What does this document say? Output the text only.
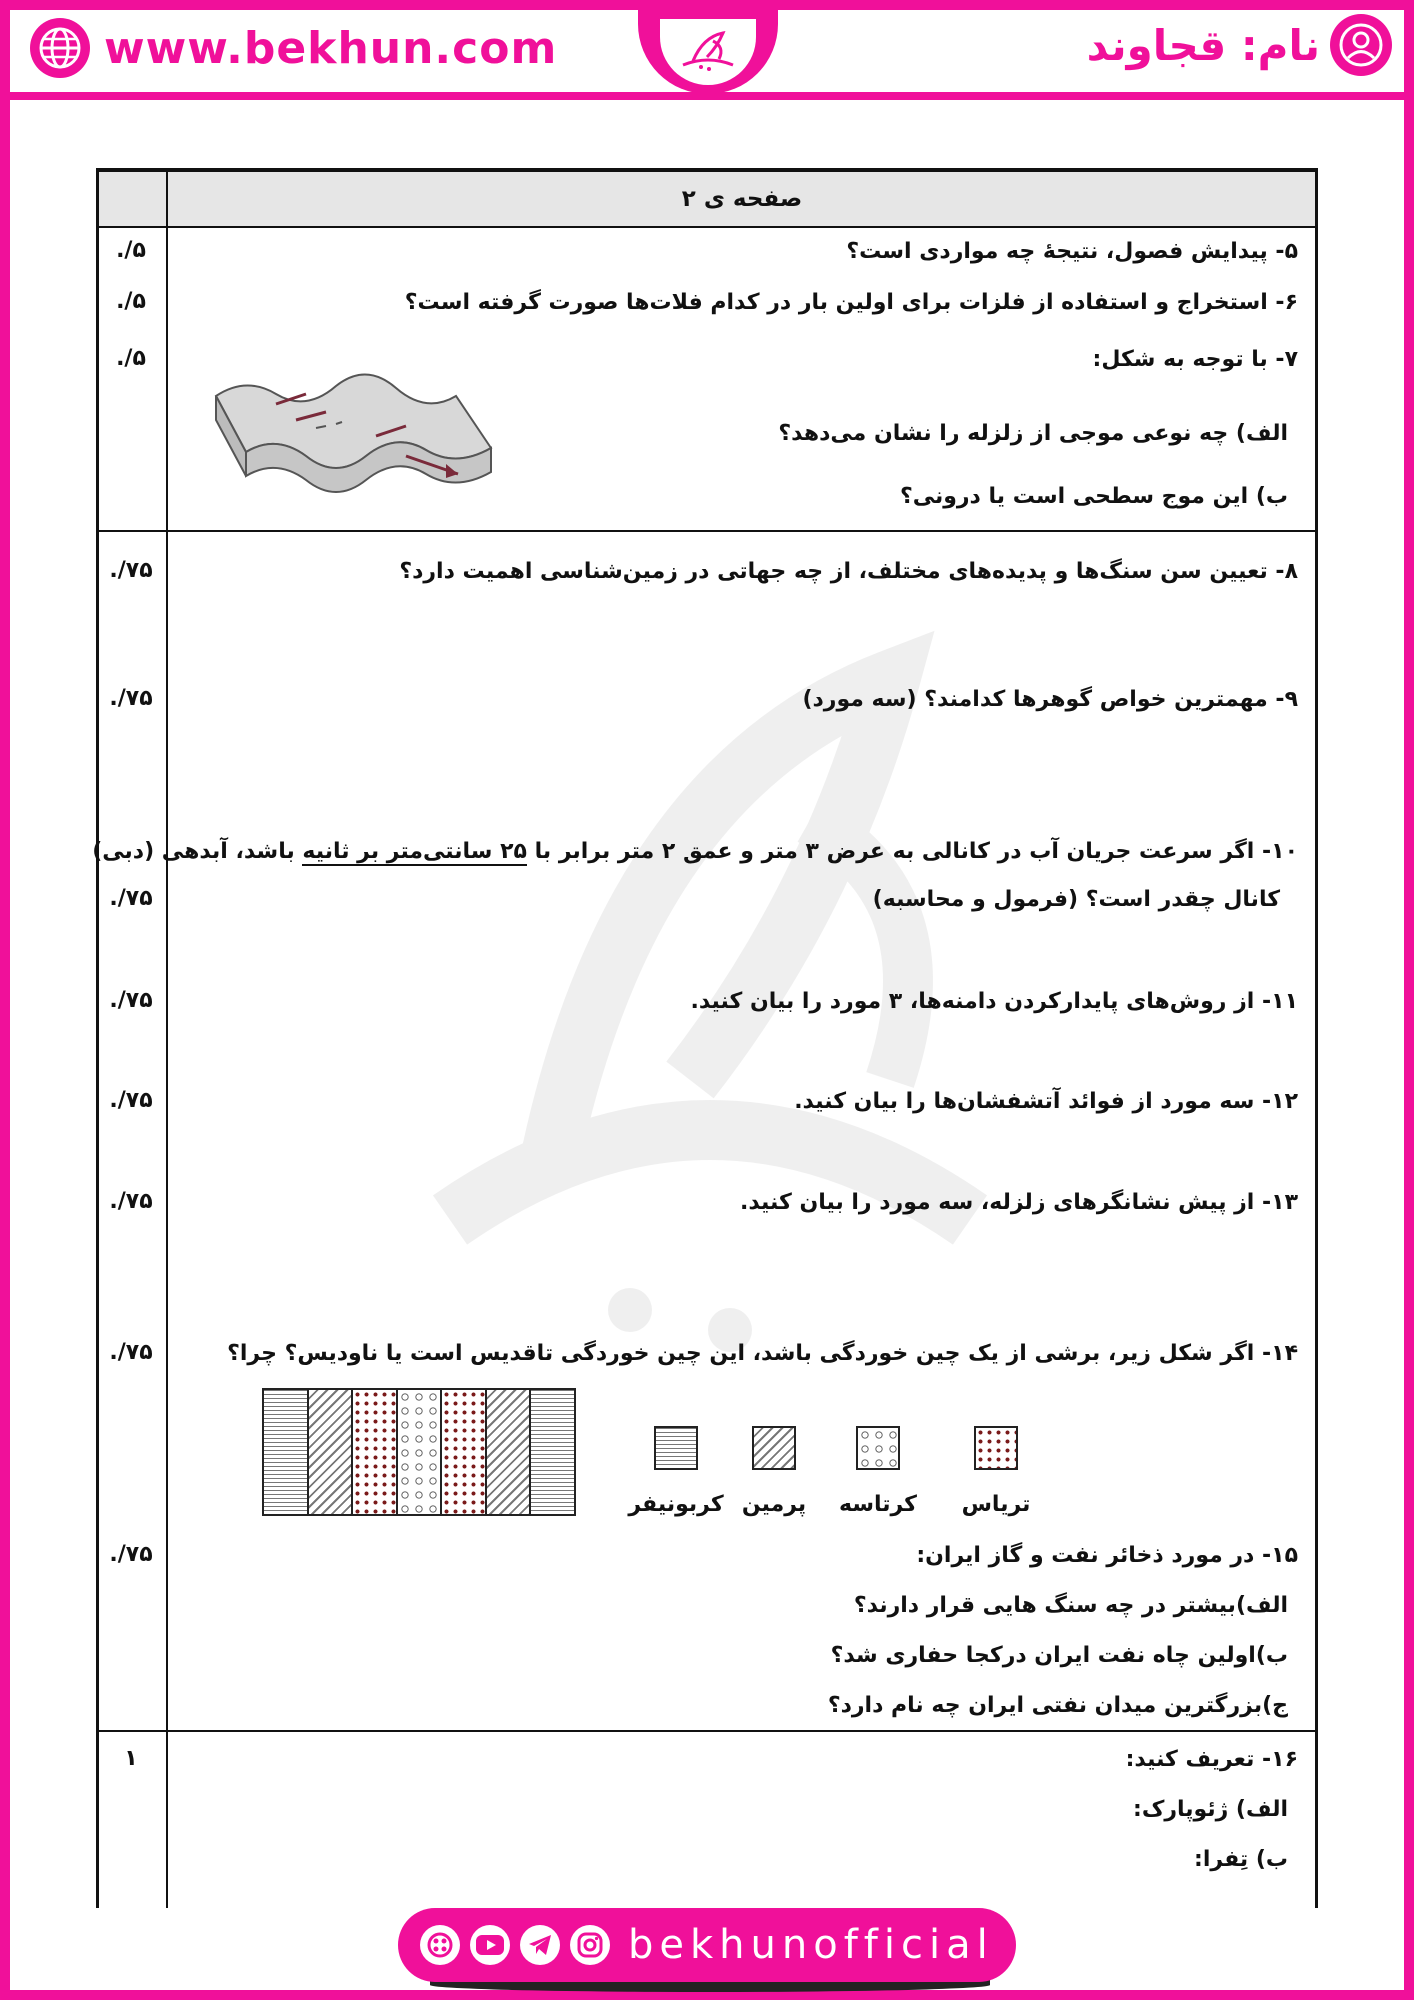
www.bekhun.com	نام: قجاوند
صفحه ی ۲
۵- پیدایش فصول، نتیجهٔ چه مواردی است؟
./۵
۶- استخراج و استفاده از فلزات برای اولین بار در کدام فلات‌ها صورت گرفته است؟
./۵
۷- با توجه به شکل:
./۵
الف) چه نوعی موجی از زلزله را نشان می‌دهد؟
ب) این موج سطحی است یا درونی؟
۸- تعیین سن سنگ‌ها و پدیده‌های مختلف، از چه جهاتی در زمین‌شناسی اهمیت دارد؟
./۷۵
۹- مهمترین خواص گوهرها کدامند؟ (سه مورد)
./۷۵
۱۰- اگر سرعت جریان آب در کانالی به عرض ۳ متر و عمق ۲ متر برابر با ۲۵ سانتی‌متر بر ثانیه باشد، آبدهی (دبی)
کانال چقدر است؟ (فرمول و محاسبه)
./۷۵
۱۱- از روش‌های پایدارکردن دامنه‌ها، ۳ مورد را بیان کنید.
./۷۵
۱۲- سه مورد از فوائد آتشفشان‌ها را بیان کنید.
./۷۵
۱۳- از پیش نشانگرهای زلزله، سه مورد را بیان کنید.
./۷۵
۱۴- اگر شکل زیر، برشی از یک چین خوردگی باشد، این چین خوردگی تاقدیس است یا ناودیس؟ چرا؟
./۷۵
تریاس
کرتاسه
پرمین
کربونیفر
۱۵- در مورد ذخائر نفت و گاز ایران:
./۷۵
الف)بیشتر در چه سنگ هایی قرار دارند؟
ب)اولین چاه نفت ایران درکجا حفاری شد؟
ج)بزرگترین میدان نفتی ایران چه نام دارد؟
۱۶- تعریف کنید:
۱
الف) ژئوپارک:
ب) تِفرا:
bekhunofficial
